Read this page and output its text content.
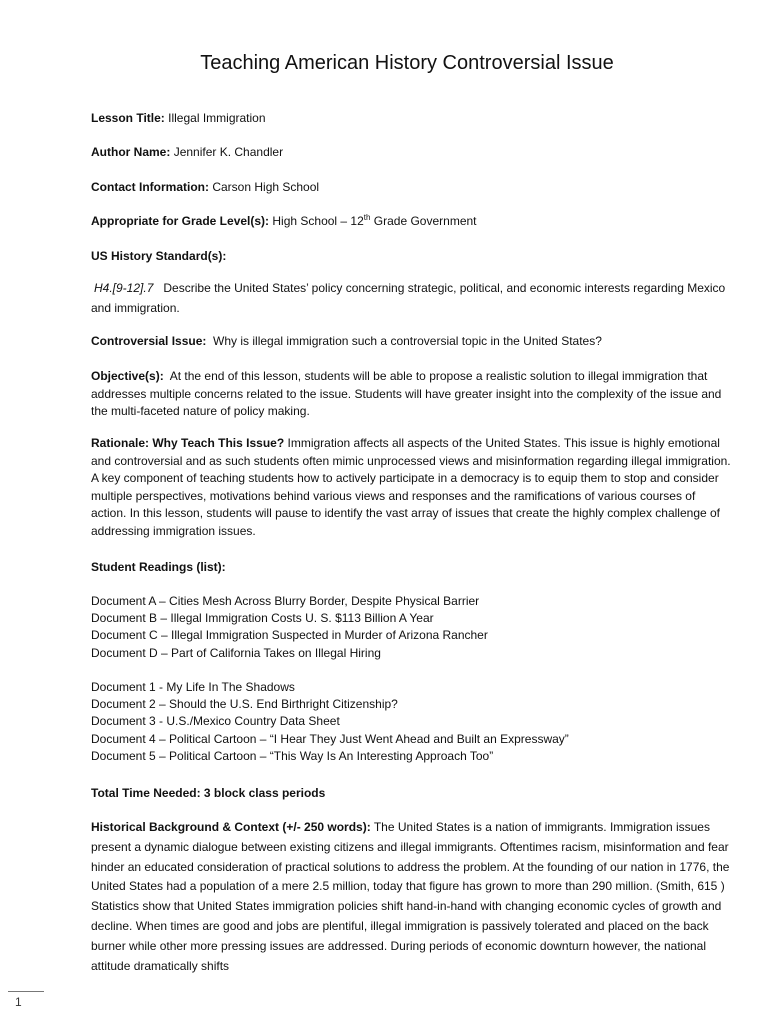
Teaching American History Controversial Issue
Lesson Title: Illegal Immigration
Author Name: Jennifer K. Chandler
Contact Information: Carson High School
Appropriate for Grade Level(s): High School – 12th Grade Government
US History Standard(s):
H4.[9-12].7 Describe the United States’ policy concerning strategic, political, and economic interests regarding Mexico and immigration.
Controversial Issue: Why is illegal immigration such a controversial topic in the United States?
Objective(s): At the end of this lesson, students will be able to propose a realistic solution to illegal immigration that addresses multiple concerns related to the issue. Students will have greater insight into the complexity of the issue and the multi-faceted nature of policy making.
Rationale: Why Teach This Issue? Immigration affects all aspects of the United States. This issue is highly emotional and controversial and as such students often mimic unprocessed views and misinformation regarding illegal immigration. A key component of teaching students how to actively participate in a democracy is to equip them to stop and consider multiple perspectives, motivations behind various views and responses and the ramifications of various courses of action. In this lesson, students will pause to identify the vast array of issues that create the highly complex challenge of addressing immigration issues.
Student Readings (list):
Document A – Cities Mesh Across Blurry Border, Despite Physical Barrier
Document B – Illegal Immigration Costs U. S. $113 Billion A Year
Document C – Illegal Immigration Suspected in Murder of Arizona Rancher
Document D – Part of California Takes on Illegal Hiring
Document 1 - My Life In The Shadows
Document 2 – Should the U.S. End Birthright Citizenship?
Document 3 - U.S./Mexico Country Data Sheet
Document 4 – Political Cartoon – “I Hear They Just Went Ahead and Built an Expressway”
Document 5 – Political Cartoon – “This Way Is An Interesting Approach Too”
Total Time Needed: 3 block class periods
Historical Background & Context (+/- 250 words): The United States is a nation of immigrants. Immigration issues present a dynamic dialogue between existing citizens and illegal immigrants. Oftentimes racism, misinformation and fear hinder an educated consideration of practical solutions to address the problem. At the founding of our nation in 1776, the United States had a population of a mere 2.5 million, today that figure has grown to more than 290 million. (Smith, 615 ) Statistics show that United States immigration policies shift hand-in-hand with changing economic cycles of growth and decline. When times are good and jobs are plentiful, illegal immigration is passively tolerated and placed on the back burner while other more pressing issues are addressed. During periods of economic downturn however, the national attitude dramatically shifts
1
